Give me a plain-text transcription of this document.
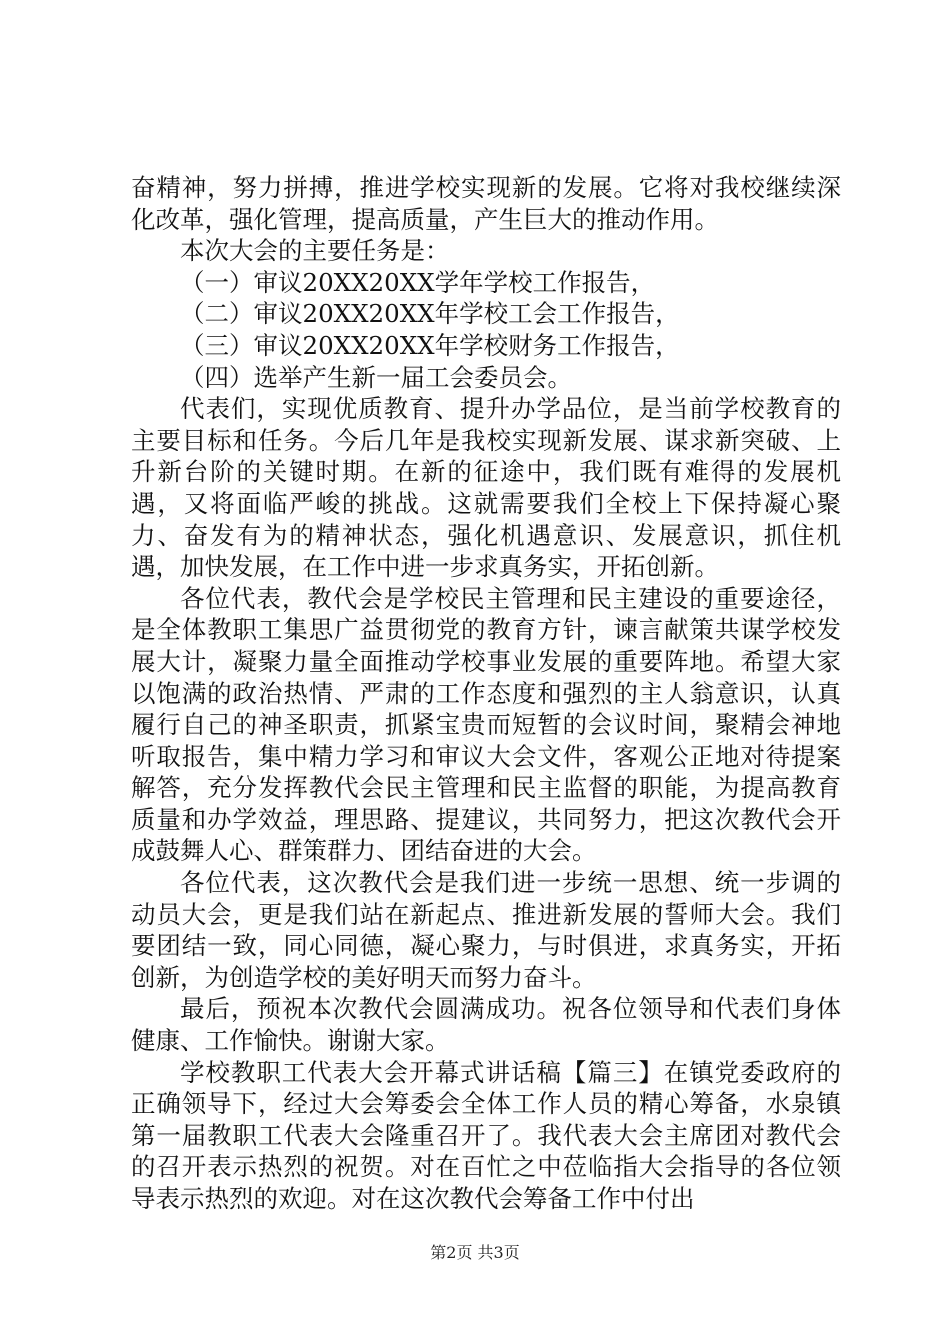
奋精神，努力拼搏，推进学校实现新的发展。它将对我校继续深化改革，强化管理，提高质量，产生巨大的推动作用。

本次大会的主要任务是：

（一）审议20XX20XX学年学校工作报告，

（二）审议20XX20XX年学校工会工作报告，

（三）审议20XX20XX年学校财务工作报告，

（四）选举产生新一届工会委员会。

代表们，实现优质教育、提升办学品位，是当前学校教育的主要目标和任务。今后几年是我校实现新发展、谋求新突破、上升新台阶的关键时期。在新的征途中，我们既有难得的发展机遇，又将面临严峻的挑战。这就需要我们全校上下保持凝心聚力、奋发有为的精神状态，强化机遇意识、发展意识，抓住机遇，加快发展，在工作中进一步求真务实，开拓创新。

各位代表，教代会是学校民主管理和民主建设的重要途径，是全体教职工集思广益贯彻党的教育方针，谏言献策共谋学校发展大计，凝聚力量全面推动学校事业发展的重要阵地。希望大家以饱满的政治热情、严肃的工作态度和强烈的主人翁意识，认真履行自己的神圣职责，抓紧宝贵而短暂的会议时间，聚精会神地听取报告，集中精力学习和审议大会文件，客观公正地对待提案解答，充分发挥教代会民主管理和民主监督的职能，为提高教育质量和办学效益，理思路、提建议，共同努力，把这次教代会开成鼓舞人心、群策群力、团结奋进的大会。

各位代表，这次教代会是我们进一步统一思想、统一步调的动员大会，更是我们站在新起点、推进新发展的誓师大会。我们要团结一致，同心同德，凝心聚力，与时俱进，求真务实，开拓创新，为创造学校的美好明天而努力奋斗。

最后，预祝本次教代会圆满成功。祝各位领导和代表们身体健康、工作愉快。谢谢大家。

学校教职工代表大会开幕式讲话稿【篇三】在镇党委政府的正确领导下，经过大会筹委会全体工作人员的精心筹备，水泉镇第一届教职工代表大会隆重召开了。我代表大会主席团对教代会的召开表示热烈的祝贺。对在百忙之中莅临指大会指导的各位领导表示热烈的欢迎。对在这次教代会筹备工作中付出

第2页 共3页
